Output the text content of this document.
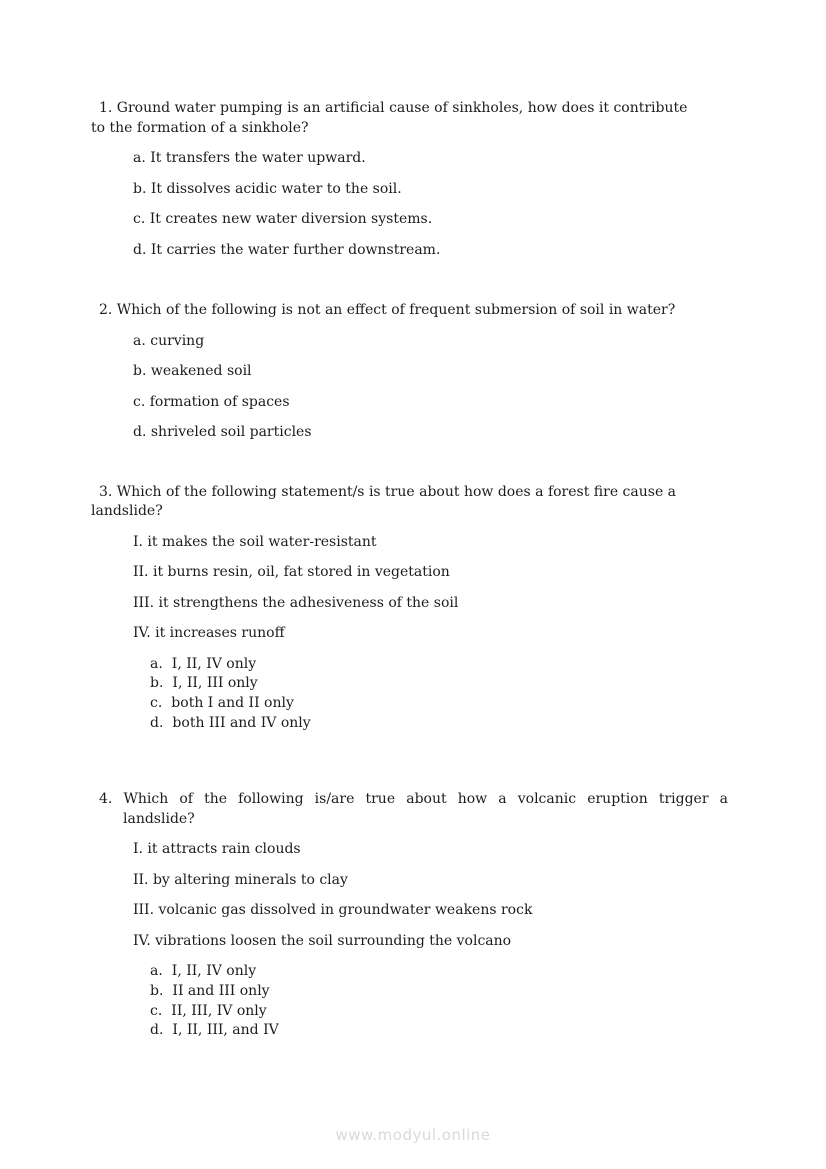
1. Ground water pumping is an artificial cause of sinkholes, how does it contribute
to the formation of a sinkhole?
a. It transfers the water upward.
b. It dissolves acidic water to the soil.
c. It creates new water diversion systems.
d. It carries the water further downstream.
2. Which of the following is not an effect of frequent submersion of soil in water?
a. curving
b. weakened soil
c. formation of spaces
d. shriveled soil particles
3. Which of the following statement/s is true about how does a forest fire cause a
landslide?
I. it makes the soil water-resistant
II. it burns resin, oil, fat stored in vegetation
III. it strengthens the adhesiveness of the soil
IV. it increases runoff
a. I, II, IV only
b. I, II, III only
c. both I and II only
d. both III and IV only
4. Which of the following is/are true about how a volcanic eruption trigger a
landslide?
I. it attracts rain clouds
II. by altering minerals to clay
III. volcanic gas dissolved in groundwater weakens rock
IV. vibrations loosen the soil surrounding the volcano
a. I, II, IV only
b. II and III only
c. II, III, IV only
d. I, II, III, and IV
www.modyul.online
